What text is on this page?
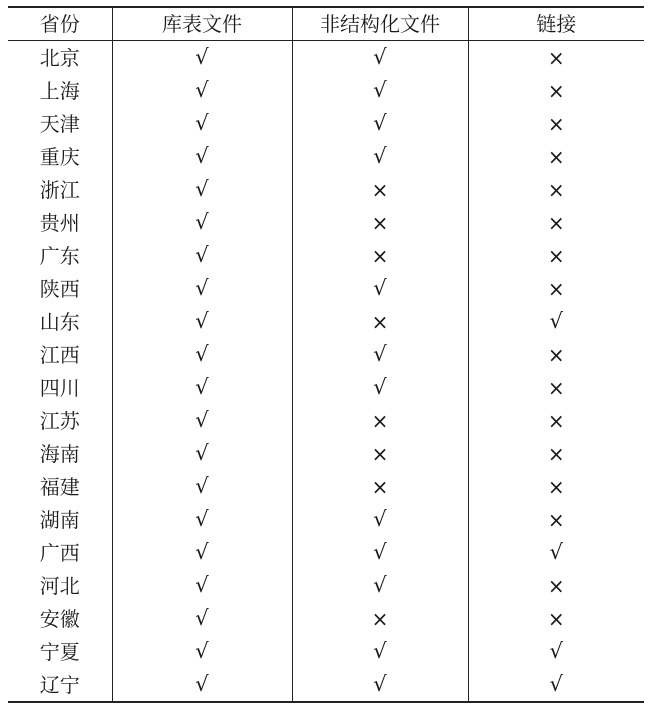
省份	库表文件	非结构化文件	链接
北京	√	√	×
上海	√	√	×
天津	√	√	×
重庆	√	√	×
浙江	√	×	×
贵州	√	×	×
广东	√	×	×
陕西	√	√	×
山东	√	×	√
江西	√	√	×
四川	√	√	×
江苏	√	×	×
海南	√	×	×
福建	√	×	×
湖南	√	√	×
广西	√	√	√
河北	√	√	×
安徽	√	×	×
宁夏	√	√	√
辽宁	√	√	√
